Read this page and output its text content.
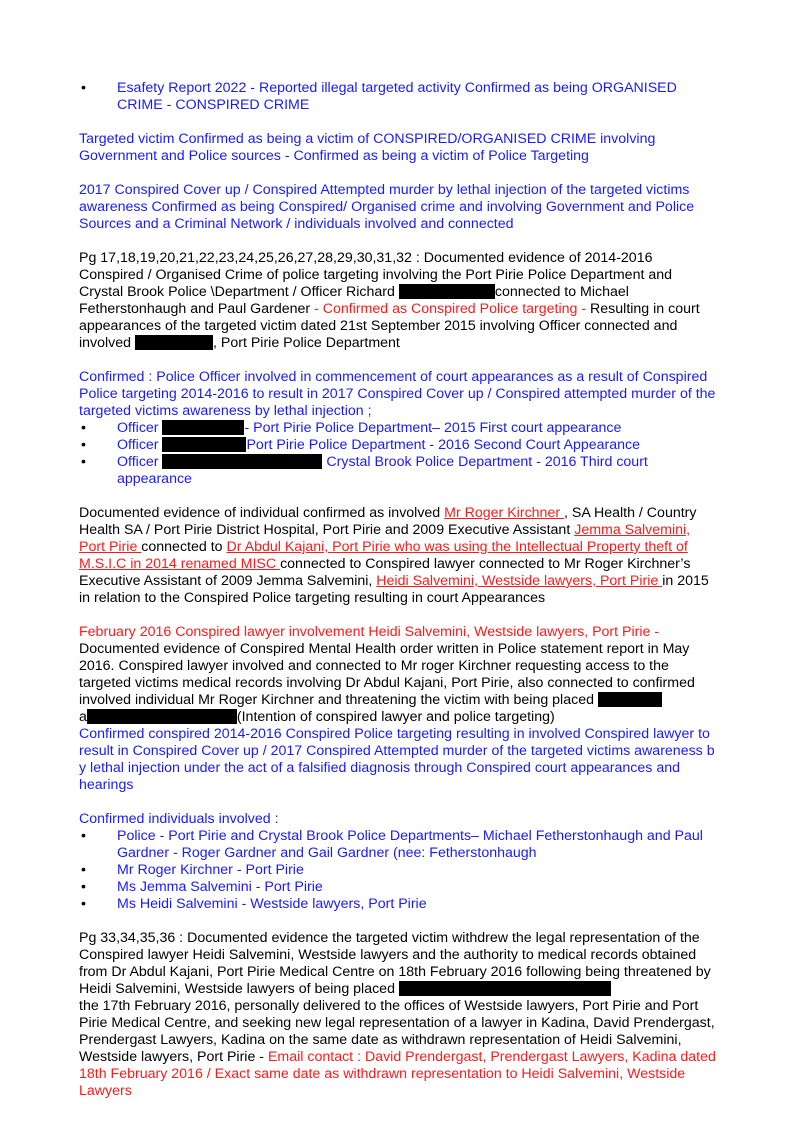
• Esafety Report 2022 - Reported illegal targeted activity Confirmed as being ORGANISED CRIME - CONSPIRED CRIME

Targeted victim Confirmed as being a victim of CONSPIRED/ORGANISED CRIME involving Government and Police sources - Confirmed as being a victim of Police Targeting

2017 Conspired Cover up / Conspired Attempted murder by lethal injection of the targeted victims awareness Confirmed as being Conspired/ Organised crime and involving Government and Police Sources and a Criminal Network / individuals involved and connected

Pg 17,18,19,20,21,22,23,24,25,26,27,28,29,30,31,32 : Documented evidence of 2014-2016 Conspired / Organised Crime of police targeting involving the Port Pirie Police Department and Crystal Brook Police \Department / Officer Richard	connected to Michael Fetherstonhaugh and Paul Gardener - Confirmed as Conspired Police targeting - Resulting in court appearances of the targeted victim dated 21st September 2015 involving Officer connected and involved	, Port Pirie Police Department

Confirmed : Police Officer involved in commencement of court appearances as a result of Conspired Police targeting 2014-2016 to result in 2017 Conspired Cover up / Conspired attempted murder of the targeted victims awareness by lethal injection ;

• Officer	- Port Pirie Police Department– 2015 First court appearance
• Officer	Port Pirie Police Department - 2016 Second Court Appearance
• Officer	Crystal Brook Police Department - 2016 Third court appearance

Documented evidence of individual confirmed as involved Mr Roger Kirchner , SA Health / Country Health SA / Port Pirie District Hospital, Port Pirie and 2009 Executive Assistant Jemma Salvemini, Port Pirie connected to Dr Abdul Kajani, Port Pirie who was using the Intellectual Property theft of M.S.I.C in 2014 renamed MISC connected to Conspired lawyer connected to Mr Roger Kirchner’s Executive Assistant of 2009 Jemma Salvemini, Heidi Salvemini, Westside lawyers, Port Pirie in 2015 in relation to the Conspired Police targeting resulting in court Appearances

February 2016 Conspired lawyer involvement Heidi Salvemini, Westside lawyers, Port Pirie - Documented evidence of Conspired Mental Health order written in Police statement report in May 2016. Conspired lawyer involved and connected to Mr roger Kirchner requesting access to the targeted victims medical records involving Dr Abdul Kajani, Port Pirie, also connected to confirmed involved individual Mr Roger Kirchner and threatening the victim with being placed
a	(Intention of conspired lawyer and police targeting)

Confirmed conspired 2014-2016 Conspired Police targeting resulting in involved Conspired lawyer to result in Conspired Cover up / 2017 Conspired Attempted murder of the targeted victims awareness b y lethal injection under the act of a falsified diagnosis through Conspired court appearances and hearings

Confirmed individuals involved :

• Police - Port Pirie and Crystal Brook Police Departments– Michael Fetherstonhaugh and Paul Gardner - Roger Gardner and Gail Gardner (nee: Fetherstonhaugh
• Mr Roger Kirchner - Port Pirie
• Ms Jemma Salvemini - Port Pirie
• Ms Heidi Salvemini - Westside lawyers, Port Pirie

Pg 33,34,35,36 : Documented evidence the targeted victim withdrew the legal representation of the Conspired lawyer Heidi Salvemini, Westside lawyers and the authority to medical records obtained from Dr Abdul Kajani, Port Pirie Medical Centre on 18th February 2016 following being threatened by Heidi Salvemini, Westside lawyers of being placed
the 17th February 2016, personally delivered to the offices of Westside lawyers, Port Pirie and Port Pirie Medical Centre, and seeking new legal representation of a lawyer in Kadina, David Prendergast, Prendergast Lawyers, Kadina on the same date as withdrawn representation of Heidi Salvemini, Westside lawyers, Port Pirie - Email contact : David Prendergast, Prendergast Lawyers, Kadina dated 18th February 2016 / Exact same date as withdrawn representation to Heidi Salvemini, Westside Lawyers
